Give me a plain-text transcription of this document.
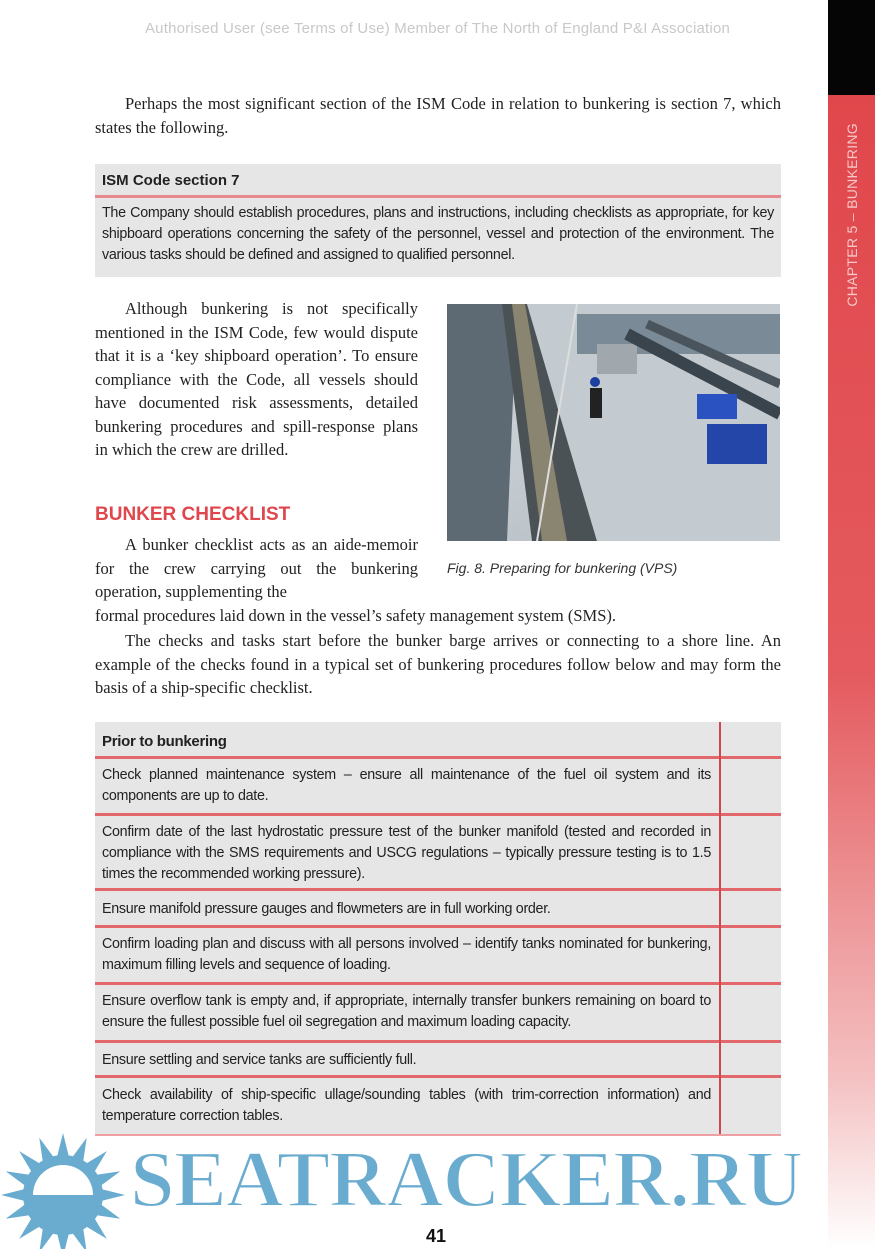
Authorised User (see Terms of Use) Member of The North of England P&I Association
CHAPTER 5 – BUNKERING
Perhaps the most significant section of the ISM Code in relation to bunkering is section 7, which states the following.
ISM Code section 7
The Company should establish procedures, plans and instructions, including checklists as appropriate, for key shipboard operations concerning the safety of the personnel, vessel and protection of the environment. The various tasks should be defined and assigned to qualified personnel.
Although bunkering is not specifically mentioned in the ISM Code, few would dispute that it is a ‘key shipboard operation’. To ensure compliance with the Code, all vessels should have documented risk assessments, detailed bunkering procedures and spill-response plans in which the crew are drilled.
Fig. 8. Preparing for bunkering (VPS)
BUNKER CHECKLIST
A bunker checklist acts as an aide-memoir for the crew carrying out the bunkering operation, supplementing the
formal procedures laid down in the vessel’s safety management system (SMS).
The checks and tasks start before the bunker barge arrives or connecting to a shore line. An example of the checks found in a typical set of bunkering procedures follow below and may form the basis of a ship-specific checklist.
Prior to bunkering
Check planned maintenance system – ensure all maintenance of the fuel oil system and its components are up to date.
Confirm date of the last hydrostatic pressure test of the bunker manifold (tested and recorded in compliance with the SMS requirements and USCG regulations – typically pressure testing is to 1.5 times the recommended working pressure).
Ensure manifold pressure gauges and flowmeters are in full working order.
Confirm loading plan and discuss with all persons involved – identify tanks nominated for bunkering, maximum filling levels and sequence of loading.
Ensure overflow tank is empty and, if appropriate, internally transfer bunkers remaining on board to ensure the fullest possible fuel oil segregation and maximum loading capacity.
Ensure settling and service tanks are sufficiently full.
Check availability of ship-specific ullage/sounding tables (with trim-correction information) and temperature correction tables.
SEATRACKER.RU
41
